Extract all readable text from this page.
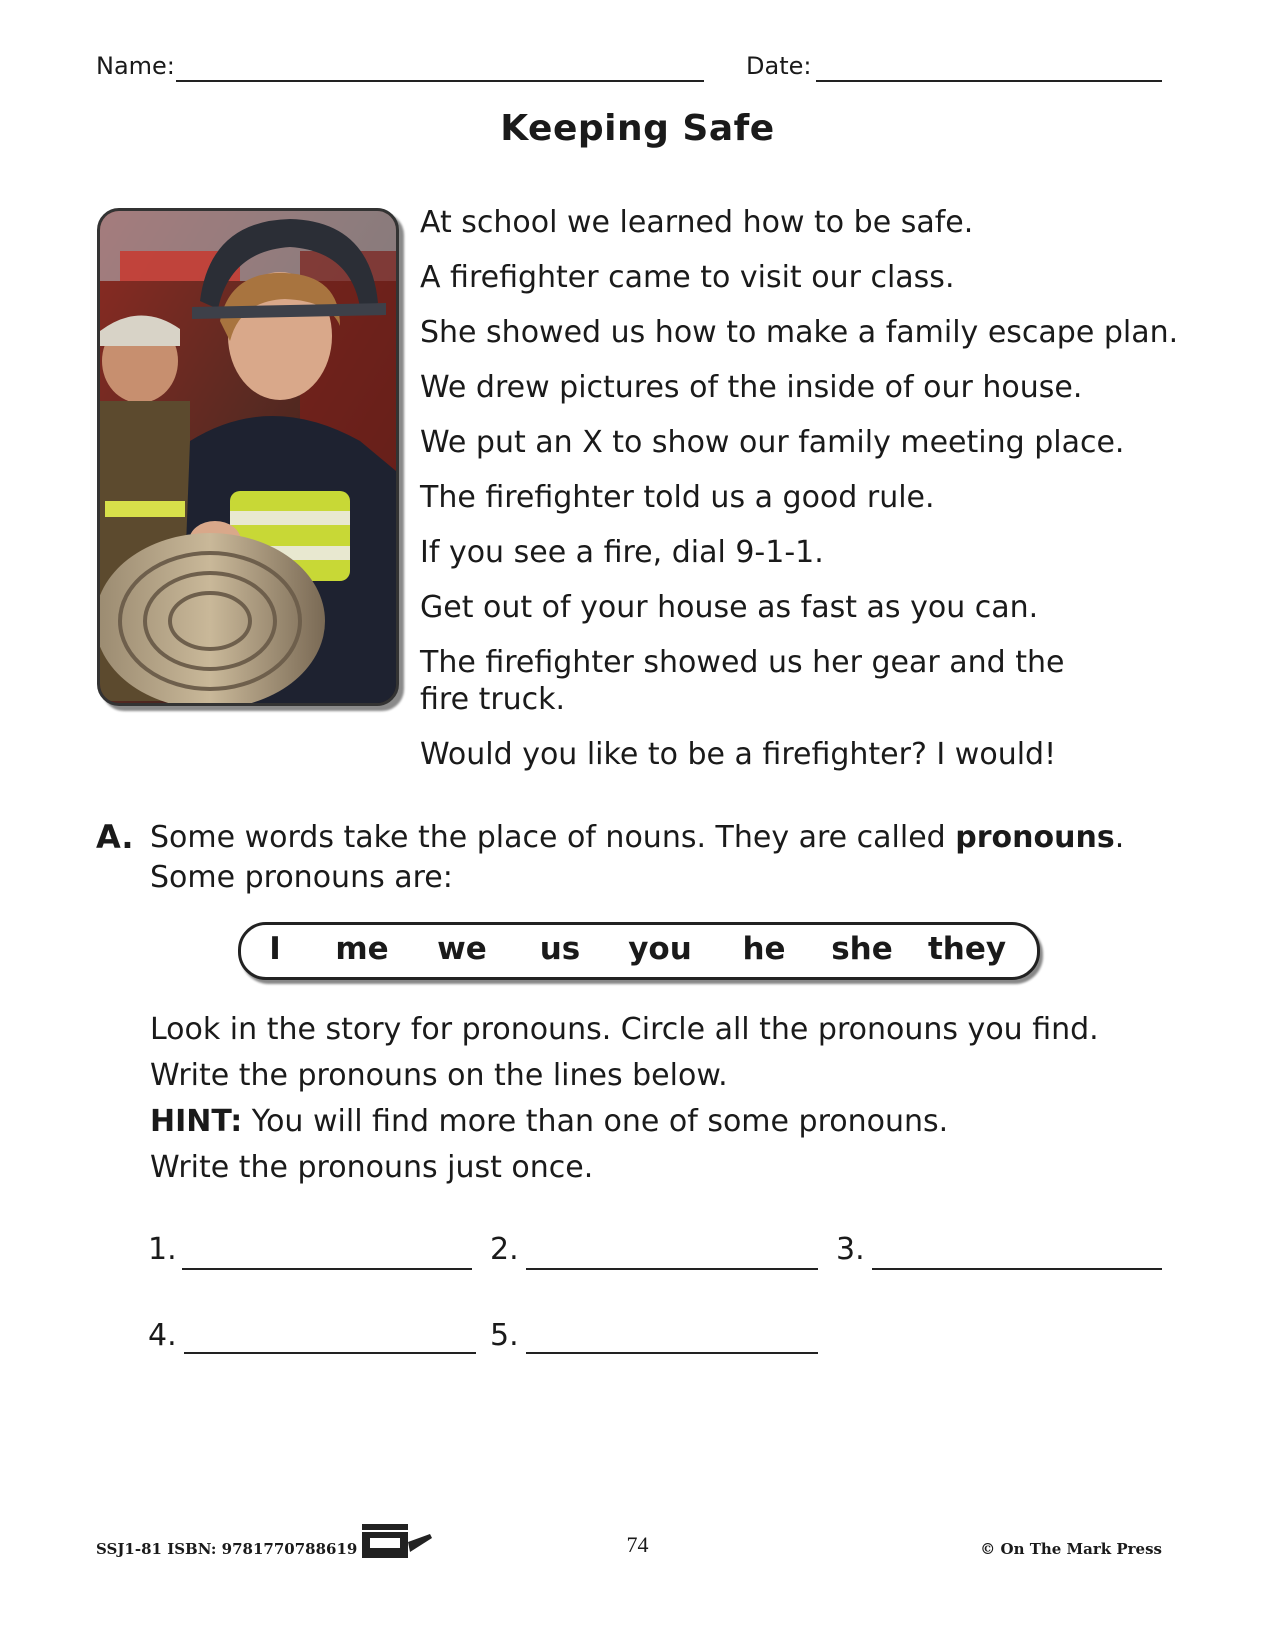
Name:	Date:
Keeping Safe

At school we learned how to be safe.

A firefighter came to visit our class.

She showed us how to make a family escape plan.

We drew pictures of the inside of our house.

We put an X to show our family meeting place.

The firefighter told us a good rule.

If you see a fire, dial 9-1-1.

Get out of your house as fast as you can.

The firefighter showed us her gear and the fire truck.

Would you like to be a firefighter? I would!

A. Some words take the place of nouns. They are called pronouns.
Some pronouns are:
I me we us you he she they

Look in the story for pronouns. Circle all the pronouns you find.

Write the pronouns on the lines below.

HINT: You will find more than one of some pronouns.

Write the pronouns just once.

1.	2.	3.
4.	5.
SSJ1-81 ISBN: 9781770788619	74	© On The Mark Press
